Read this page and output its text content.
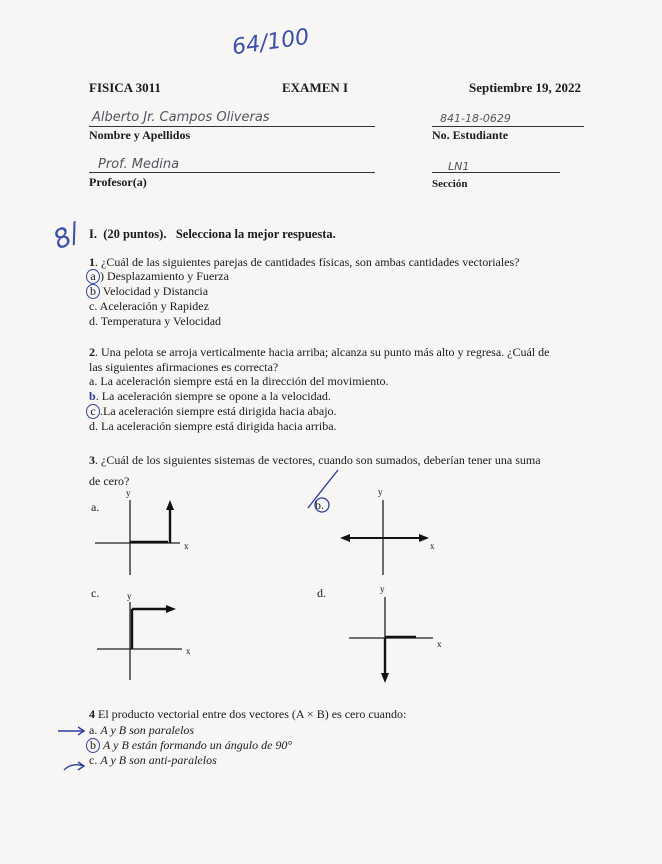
64/100
FISICA 3011	EXAMEN I	Septiembre 19, 2022
Alberto Jr. Campos Oliveras
Nombre y Apellidos
841-18-0629
No. Estudiante
Prof. Medina
Profesor(a)
LN1
Sección
8/ I.  (20 puntos).   Selecciona la mejor respuesta.
1. ¿Cuál de las siguientes parejas de cantidades físicas, son ambas cantidades vectoriales?
a ) Desplazamiento y Fuerza
b Velocidad y Distancia
c. Aceleración y Rapidez
d. Temperatura y Velocidad
2. Una pelota se arroja verticalmente hacia arriba; alcanza su punto más alto y regresa. ¿Cuál de
las siguientes afirmaciones es correcta?
a. La aceleración siempre está en la dirección del movimiento.
b. La aceleración siempre se opone a la velocidad.
c .La aceleración siempre está dirigida hacia abajo.
d. La aceleración siempre está dirigida hacia arriba.
3. ¿Cuál de los siguientes sistemas de vectores, cuando son sumados, deberían tener una suma
de cero?
a.
y
x
b.
y
x
c.	y
x
d.	y
x
4 El producto vectorial entre dos vectores (A × B) es cero cuando:
a. A y B son paralelos
b A y B están formando un ángulo de 90°
c. A y B son anti-paralelos
